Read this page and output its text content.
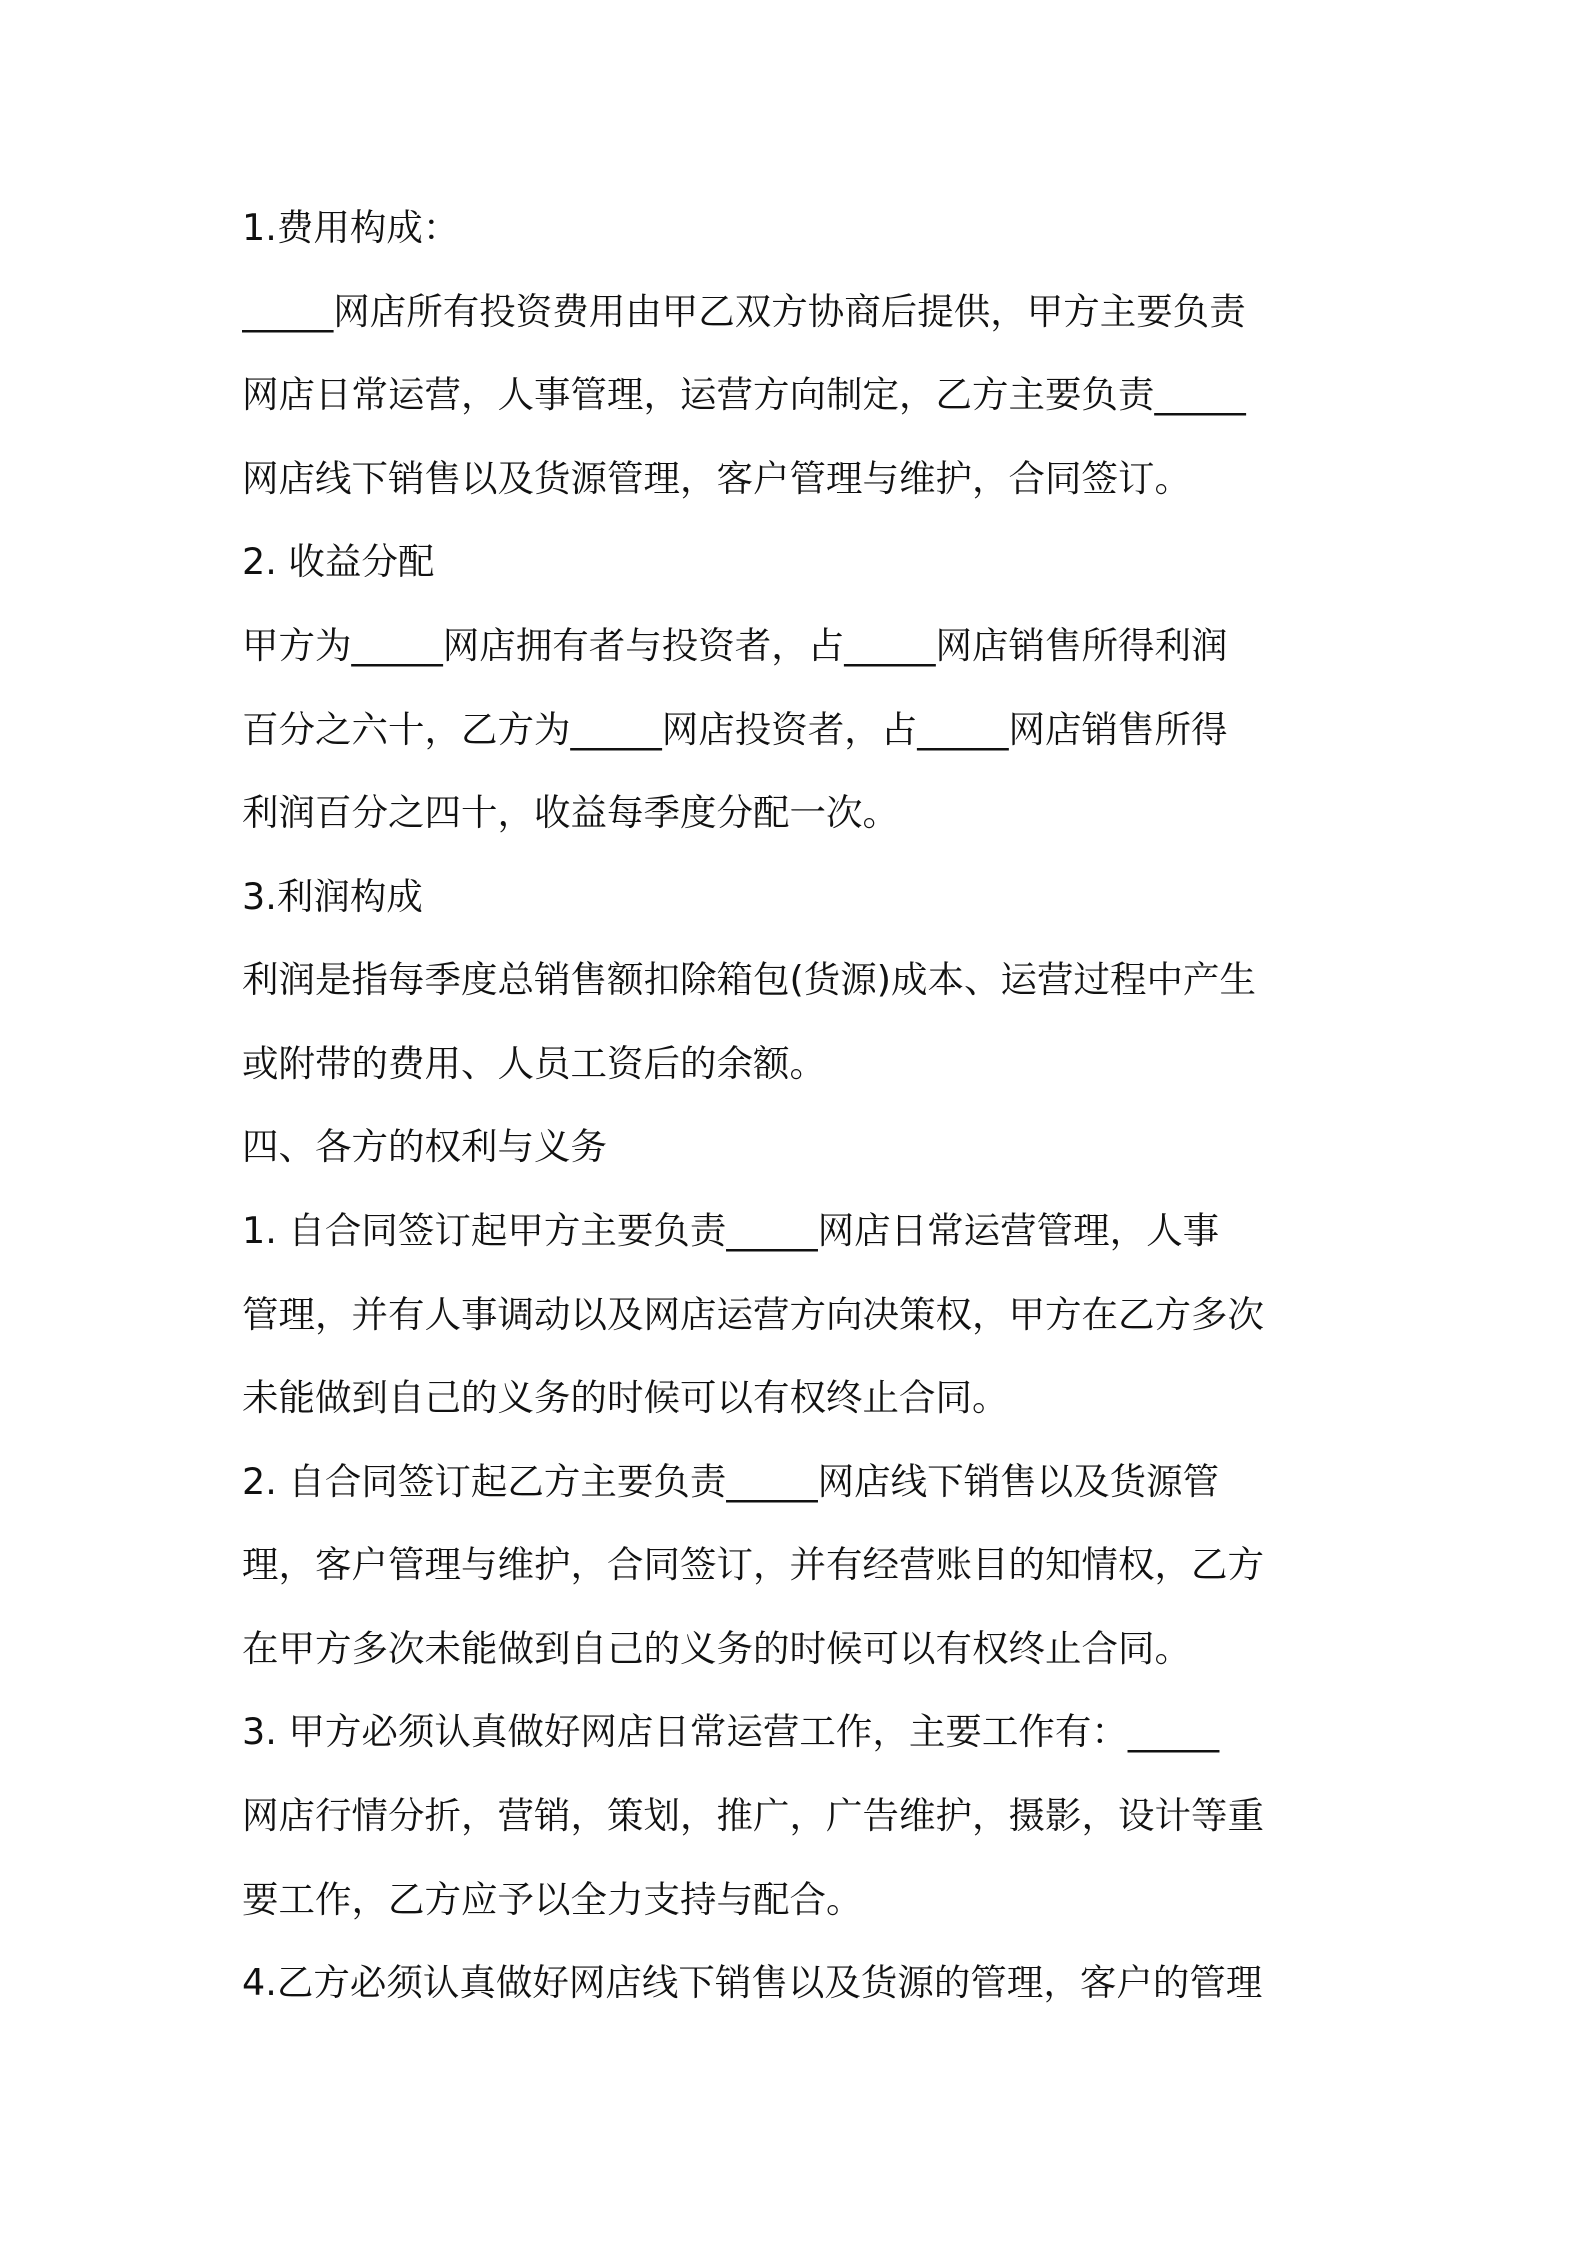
1.费用构成：
_____网店所有投资费用由甲乙双方协商后提供，甲方主要负责
网店日常运营，人事管理，运营方向制定，乙方主要负责_____
网店线下销售以及货源管理，客户管理与维护，合同签订。
2. 收益分配
甲方为_____网店拥有者与投资者，占_____网店销售所得利润
百分之六十，乙方为_____网店投资者，占_____网店销售所得
利润百分之四十，收益每季度分配一次。
3.利润构成
利润是指每季度总销售额扣除箱包(货源)成本、运营过程中产生
或附带的费用、人员工资后的余额。
四、各方的权利与义务
1. 自合同签订起甲方主要负责_____网店日常运营管理，人事
管理，并有人事调动以及网店运营方向决策权，甲方在乙方多次
未能做到自己的义务的时候可以有权终止合同。
2. 自合同签订起乙方主要负责_____网店线下销售以及货源管
理，客户管理与维护，合同签订，并有经营账目的知情权，乙方
在甲方多次未能做到自己的义务的时候可以有权终止合同。
3. 甲方必须认真做好网店日常运营工作，主要工作有：_____
网店行情分折，营销，策划，推广，广告维护，摄影，设计等重
要工作，乙方应予以全力支持与配合。
4.乙方必须认真做好网店线下销售以及货源的管理，客户的管理
